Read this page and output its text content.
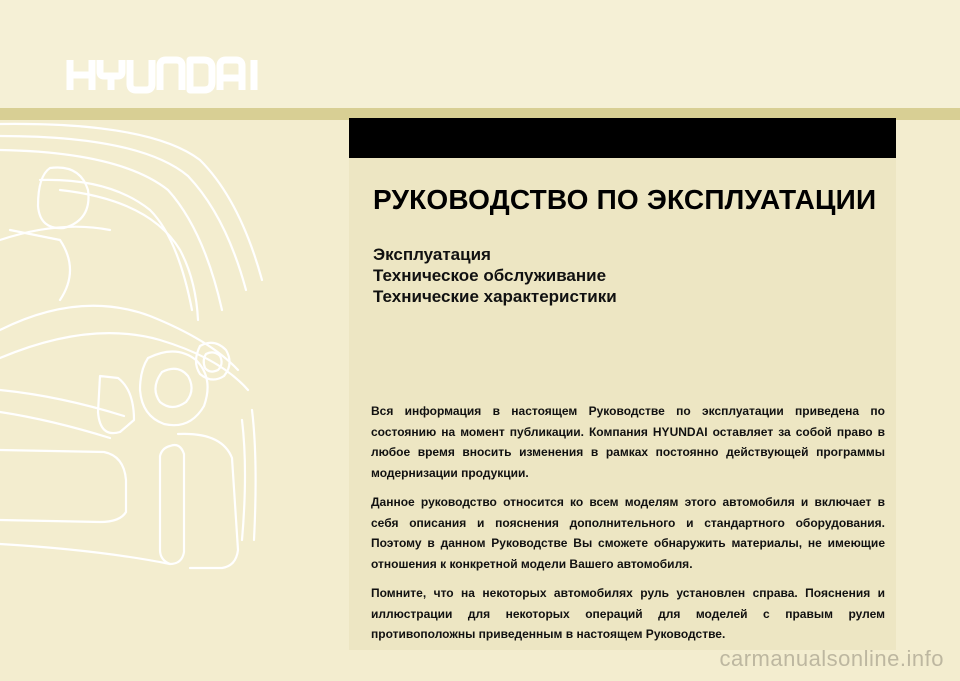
РУКОВОДСТВО ПО ЭКСПЛУАТАЦИИ
Эксплуатация
Техническое обслуживание
Технические характеристики

Вся информация в настоящем Руководстве по эксплуатации приведена по состоянию на момент публикации. Компания HYUNDAI оставляет за собой право в любое время вносить изменения в рамках постоянно действующей программы модернизации продукции.

Данное руководство относится ко всем моделям этого автомобиля и включает в себя описания и пояснения дополнительного и стандартного оборудования. Поэтому в данном Руководстве Вы сможете обнаружить материалы, не имеющие отношения к конкретной модели Вашего автомобиля.

Помните, что на некоторых автомобилях руль установлен справа. Пояснения и иллюстрации для некоторых операций для моделей с правым рулем противоположны приведенным в настоящем Руководстве.

carmanualsonline.info
